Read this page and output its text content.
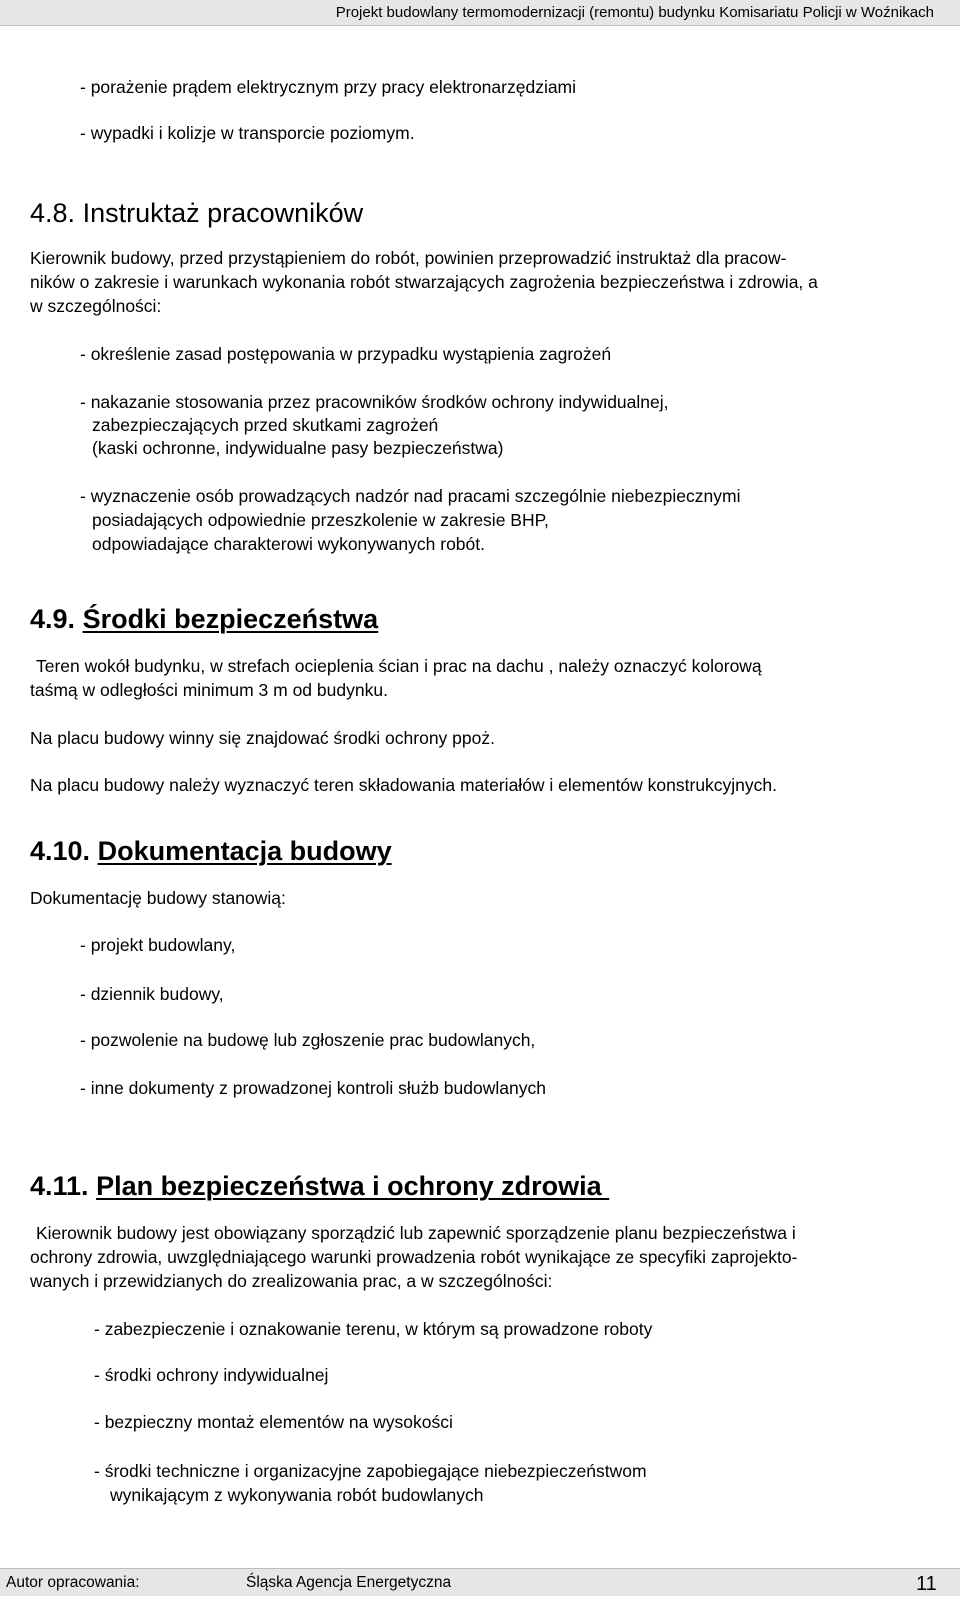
Projekt budowlany termomodernizacji (remontu) budynku Komisariatu Policji w Woźnikach

- porażenie prądem elektrycznym przy pracy elektronarzędziami

- wypadki i kolizje w transporcie poziomym.

4.8. Instruktaż pracowników

Kierownik budowy, przed przystąpieniem do robót, powinien przeprowadzić instruktaż dla pracow-

ników o zakresie i warunkach wykonania robót stwarzających zagrożenia bezpieczeństwa i zdrowia, a

w szczególności:

- określenie zasad postępowania w przypadku wystąpienia zagrożeń

- nakazanie stosowania przez pracowników środków ochrony indywidualnej,

zabezpieczających przed skutkami zagrożeń

(kaski ochronne, indywidualne pasy bezpieczeństwa)

- wyznaczenie osób prowadzących nadzór nad pracami szczególnie niebezpiecznymi

posiadających odpowiednie przeszkolenie w zakresie BHP,

odpowiadające charakterowi wykonywanych robót.

4.9. Środki bezpieczeństwa

Teren wokół budynku, w strefach ocieplenia ścian i prac na dachu , należy oznaczyć kolorową

taśmą w odległości minimum 3 m od budynku.

Na placu budowy winny się znajdować środki ochrony ppoż.

Na placu budowy należy wyznaczyć teren składowania materiałów i elementów konstrukcyjnych.

4.10. Dokumentacja budowy

Dokumentację budowy stanowią:

- projekt budowlany,

- dziennik budowy,

- pozwolenie na budowę lub zgłoszenie prac budowlanych,

- inne dokumenty z prowadzonej kontroli służb budowlanych

4.11. Plan bezpieczeństwa i ochrony zdrowia

Kierownik budowy jest obowiązany sporządzić lub zapewnić sporządzenie planu bezpieczeństwa i

ochrony zdrowia, uwzględniającego warunki prowadzenia robót wynikające ze specyfiki zaprojekto-

wanych i przewidzianych do zrealizowania prac, a w szczególności:

- zabezpieczenie i oznakowanie terenu, w którym są prowadzone roboty

- środki ochrony indywidualnej

- bezpieczny montaż elementów na wysokości

- środki techniczne i organizacyjne zapobiegające niebezpieczeństwom

wynikającym z wykonywania robót budowlanych

Autor opracowania:	Śląska Agencja Energetyczna	11
